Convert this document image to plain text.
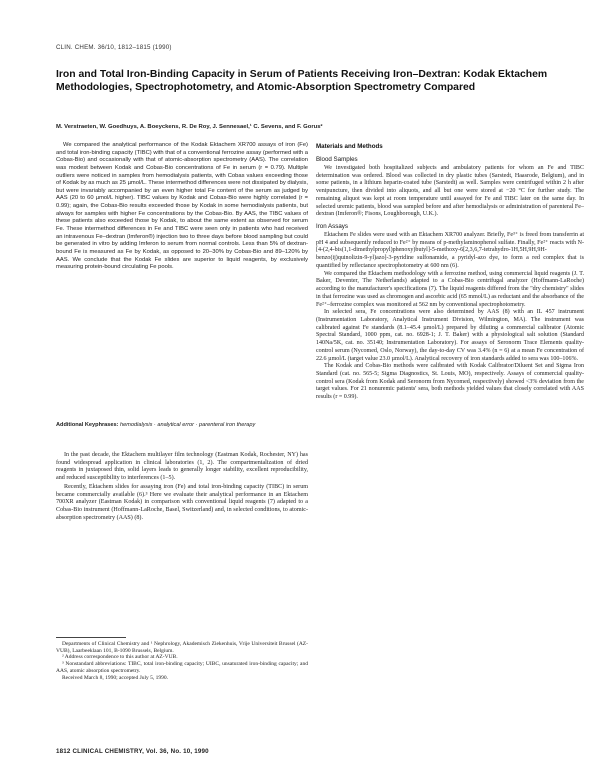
CLIN. CHEM. 36/10, 1812–1815 (1990)
Iron and Total Iron-Binding Capacity in Serum of Patients Receiving Iron–Dextran: Kodak Ektachem Methodologies, Spectrophotometry, and Atomic-Absorption Spectrometry Compared
M. Verstraeten, W. Goedhuys, A. Boeyckens, R. De Roy, J. Sennesael,¹ C. Sevens, and F. Gorus²

We compared the analytical performance of the Kodak Ektachem XR700 assays of iron (Fe) and total iron-binding capacity (TIBC) with that of a conventional ferrozine assay (performed with a Cobas-Bio) and occasionally with that of atomic-absorption spectrometry (AAS). The correlation was modest between Kodak and Cobas-Bio concentrations of Fe in serum (r = 0.79). Multiple outliers were noticed in samples from hemodialysis patients, with Cobas values exceeding those of Kodak by as much as 25 µmol/L. These intermethod differences were not dissipated by dialysis, but were invariably accompanied by an even higher total Fe content of the serum as judged by AAS (20 to 60 µmol/L higher). TIBC values by Kodak and Cobas-Bio were highly correlated (r = 0.99); again, the Cobas-Bio results exceeded those by Kodak in some hemodialysis patients, but always for samples with higher Fe concentrations by the Cobas-Bio. By AAS, the TIBC values of these patients also exceeded those by Kodak, to about the same extent as observed for serum Fe. These intermethod differences in Fe and TIBC were seen only in patients who had received an intravenous Fe–dextran (Imferon®) injection two to three days before blood sampling but could be generated in vitro by adding Imferon to serum from normal controls. Less than 5% of dextran-bound Fe is measured as Fe by Kodak, as opposed to 20–30% by Cobas-Bio and 89–120% by AAS. We conclude that the Kodak Fe slides are superior to liquid reagents, by exclusively measuring protein-bound circulating Fe pools.

Additional Keyphrases: hemodialysis · analytical error · parenteral iron therapy

In the past decade, the Ektachem multilayer film technology (Eastman Kodak, Rochester, NY) has found widespread application in clinical laboratories (1, 2). The compartmentalization of dried reagents in juxtaposed thin, solid layers leads to generally longer stability, excellent reproducibility, and reduced susceptibility to interferences (1–5).

Recently, Ektachem slides for assaying iron (Fe) and total iron-binding capacity (TIBC) in serum became commercially available (6).³ Here we evaluate their analytical performance in an Ektachem 700XR analyzer (Eastman Kodak) in comparison with conventional liquid reagents (7) adapted to a Cobas-Bio instrument (Hoffmann-LaRoche, Basel, Switzerland) and, in selected conditions, to atomic-absorption spectrometry (AAS) (8).

Departments of Clinical Chemistry and ¹ Nephrology, Akademisch Ziekenhuis, Vrije Universiteit Brussel (AZ-VUB), Laarbeeklaan 101, B-1090 Brussels, Belgium.

² Address correspondence to this author at AZ-VUB.

³ Nonstandard abbreviations: TIBC, total iron-binding capacity; UIBC, unsaturated iron-binding capacity; and AAS, atomic absorption spectrometry.

Received March 8, 1990; accepted July 5, 1990.

1812 CLINICAL CHEMISTRY, Vol. 36, No. 10, 1990
Materials and Methods
Blood Samples

We investigated both hospitalized subjects and ambulatory patients for whom an Fe and TIBC determination was ordered. Blood was collected in dry plastic tubes (Sarstedt, Haasrode, Belgium), and in some patients, in a lithium heparin-coated tube (Sarstedt) as well. Samples were centrifuged within 2 h after venipuncture, then divided into aliquots, and all but one were stored at −20 °C for further study. The remaining aliquot was kept at room temperature until assayed for Fe and TIBC later on the same day. In selected uremic patients, blood was sampled before and after hemodialysis or administration of parenteral Fe–dextran (Imferon®; Fisons, Loughborough, U.K.).

Iron Assays

Ektachem Fe slides were used with an Ektachem XR700 analyzer. Briefly, Fe³⁺ is freed from transferrin at pH 4 and subsequently reduced to Fe²⁺ by means of p-methylaminophenol sulfate. Finally, Fe²⁺ reacts with N-[4-(2,4-bis(1,1-dimethylpropyl)phenoxy)butyl]-5-methoxy-6[2,3,6,7-tetrahydro-1H,5H,9H,9H-benzo(ij)quinolizin-9-yl)azo]-3-pyridine sulfonamide, a pyridyl-azo dye, to form a red complex that is quantified by reflectance spectrophotometry at 600 nm (6).

We compared the Ektachem methodology with a ferrozine method, using commercial liquid reagents (J. T. Baker, Deventer, The Netherlands) adapted to a Cobas-Bio centrifugal analyzer (Hoffmann-LaRoche) according to the manufacturer's specifications (7). The liquid reagents differed from the "dry chemistry" slides in that ferrozine was used as chromogen and ascorbic acid (65 mmol/L) as reductant and the absorbance of the Fe²⁺–ferrozine complex was monitored at 562 nm by conventional spectrophotometry.

In selected sera, Fe concentrations were also determined by AAS (8) with an IL 457 instrument (Instrumentation Laboratory, Analytical Instrument Division, Wilmington, MA). The instrument was calibrated against Fe standards (8.1–45.4 µmol/L) prepared by diluting a commercial calibrator (Atomic Spectral Standard, 1000 ppm, cat. no. 6928-1; J. T. Baker) with a physiological salt solution (Standard 140Na/5K, cat. no. 35140; Instrumentation Laboratory). For assays of Seronorm Trace Elements quality-control serum (Nycomed, Oslo, Norway), the day-to-day CV was 3.4% (n = 6) at a mean Fe concentration of 22.6 µmol/L (target value 23.0 µmol/L). Analytical recovery of iron standards added to sera was 100–106%.

The Kodak and Cobas-Bio methods were calibrated with Kodak Calibrator/Diluent Set and Sigma Iron Standard (cat. no. 565-5; Sigma Diagnostics, St. Louis, MO), respectively. Assays of commercial quality-control sera (Kodak from Kodak and Seronorm from Nycomed, respectively) showed <3% deviation from the target values. For 21 nonuremic patients' sera, both methods yielded values that closely correlated with AAS results (r = 0.99).
